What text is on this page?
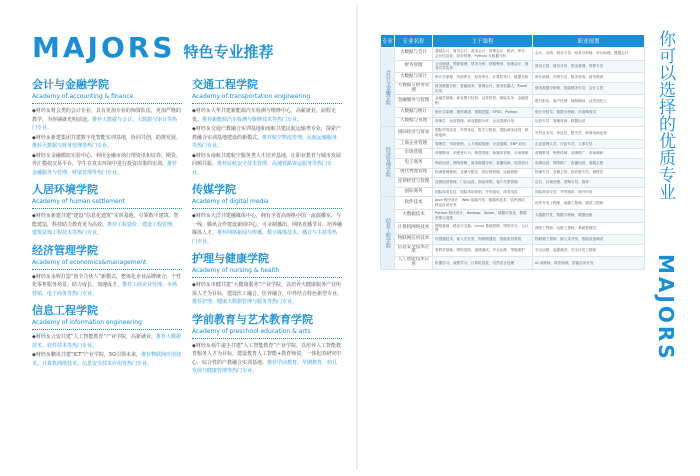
MAJORS 特色专业推荐
会计与金融学院
Academy of accounting & finance
◆财经＆财会类的会计专业，具有更加专业的师资队伍，更加严格的教学，为你铺就光明前途。推荐大数据与会计、大数据与审计等热门专业。
◆财经＆新建集团共建数字化智能实训基地，协同共创，助推发展。推荐大数据与财务管理等热门专业。
◆财经＆金融模拟实验中心，利用金融市场行情资讯和证券、期货、外汇模拟交易平台，学生在真实环境中进行投资决策的实训。推荐金融服务与管理、财富管理等热门专业。
人居环境学院
Academy of human settlement
◆财经＆新建共建“建设“信息化建筑”实训基地，引领数字建筑、智能建造，科技助力教育更为高效。推荐工程造价、建设工程管理、建筑装饰工程技术等热门专业。
经济管理学院
Academy of economics&management
◆财经＆永辉打造“创全合伙人”新模式，整体化企业品牌统合，个性化零售服务场景，助力成长、加速成才。推荐工商企业管理、市场营销、电子商务等热门专业。
信息工程学院
Academy of information engineering
◆财经＆云安共建“人工智能教育”产业学院，高新就业。推荐大数据技术、软件技术等热门专业。
◆财经＆鹏讯共建“ICT”产业学院，5G引领未来。推荐物联网应用技术、计算机网络技术、信息安全技术应用等热门专业。
交通工程学院
Academy of transportation engineering
◆财经＆大华共建新能源汽车检测与维修中心，高薪就业，前程无忧。推荐新能源汽车检测与维修技术等热门专业。
◆财经＆交通产教融合实训基地和南航共建民航运输类专业，探索产教融合实训基地建设的新模式。推荐航空物流管理、民航运输服务等热门专业。
◆财经＆南航共建航空服务类人才培养基地，让职业教育与城市发展同频共振。推荐民航安全技术管理、高速铁路客运服务等热门专业。
传媒学院
Academy of digital media
◆财经＆大洋共建融媒体中心，拥有全省高规格中国一流演播室，与一线、腾讯合作建设新闻中心，可录制播出、网络直播节目，培养融媒体人才。推荐网络新闻与传播、数字媒体技术、播音与主持等热门专业。
护理与健康学院
Academy of nursing & health
◆财经＆市健共建“大健康服务”产业学院，以培养大健康服务产业所需人才为目标，建设医工融合、医养融合，中外结合特色新型专业。推荐护理、健康大数据管理与服务等热门专业。
学前教育与艺术教育学院
Academy of preschool education & arts
◆财经＆福牛递手共建“人工智能教育”产业学院，以培养人工智能教育服务人才为目标，建设教育人工智能+教育师资，一体化的研究中心，综合性的产教融合实训基地。推荐学前教育、早期教育、幼儿发展与健康管理等热门专业。
专业	专业名称	主干课程	职业规划
会计与金融学院	大数据与会计	基础会计、财务会计、成本会计、管理会计、税法、审计、会计信息化、财务管理、Python 大数据分析	会计、出纳、税务专员、财务分析师、审计助理、数据会计
	财务管理	公司理财、预算管理、财务分析、纳税筹划、管理会计、财务共享实务	财务主管、财务分析、资金管理、预算专员
	大数据与审计	审计学原理、内部审计、财务审计、计算机审计、数据分析	审计助理、内审专员、税务咨询、财务核查
	大数据与财务管理	财务数据分析、智能财务、管理会计、财务机器人、Excel 应用	财务数据分析师、智能财务专员、会计主管
	金融服务与管理	金融学基础、商业银行经营、证券投资、保险实务、金融营销	银行柜员、客户经理、理财顾问、证券经纪人
	大数据与统计	统计学原理、抽样调查、数据挖掘、SPSS、Python	统计分析员、数据分析师、市场调查员
	大数据与管理	管理学、运营管理、商业数据分析、企业资源计划	运营专员、管理咨询、数据运营
经济管理学院	国际经济与贸易	国际贸易实务、外贸单证、报关与报检、国际商务谈判、跨境电商	外贸业务员、单证员、报关员、跨境电商运营
	工商企业管理	管理学、市场营销、人力资源管理、企业战略、ERP 应用	企业管理人员、行政专员、人事专员
	市场营销	营销策划、消费者行为、销售管理、新媒体营销、市场调研	营销策划、销售经理、品牌推广、市场调研
	电子商务	网店运营、网络营销、商务数据分析、直播电商、视觉设计	电商运营、网络推广、直播运营、客服主管
	现代物流管理	物流管理基础、仓储与配送、供应链管理、运输管理	物流专员、仓储主管、供应链专员、调度员
	连锁经营与管理	连锁经营管理、门店运营、商品采购、客户关系管理	店长、区域经理、采购专员、督导
	国际商务	国际商务礼仪、国际市场营销、外贸函电、商务英语	国际商务专员、外贸跟单、海外市场
信息工程学院	软件技术	Java 程序设计、Web 前端开发、数据库技术、软件测试、移动应用开发	软件开发工程师、前端工程师、测试工程师
	大数据技术	Python 程序设计、Hadoop、Spark、数据可视化、数据采集与清洗	大数据开发、数据分析师、数据运维
	计算机网络技术	网络基础、路由与交换、Linux 系统管理、网络安全、云计算	网络工程师、运维工程师、系统管理员
	物联网应用技术	传感器技术、嵌入式开发、物联网通信、智能家居系统	物联网工程师、嵌入式开发、智能设备调试
	信息安全技术应用	密码学基础、网络攻防、渗透测试、安全运维、等级保护	安全运维、渗透测试、安全评估工程师
	人工智能技术应用	机器学习、深度学习、计算机视觉、自然语言处理	AI 训练师、算法助理、智能应用开发
你可以选择的优质专业
MAJORS
